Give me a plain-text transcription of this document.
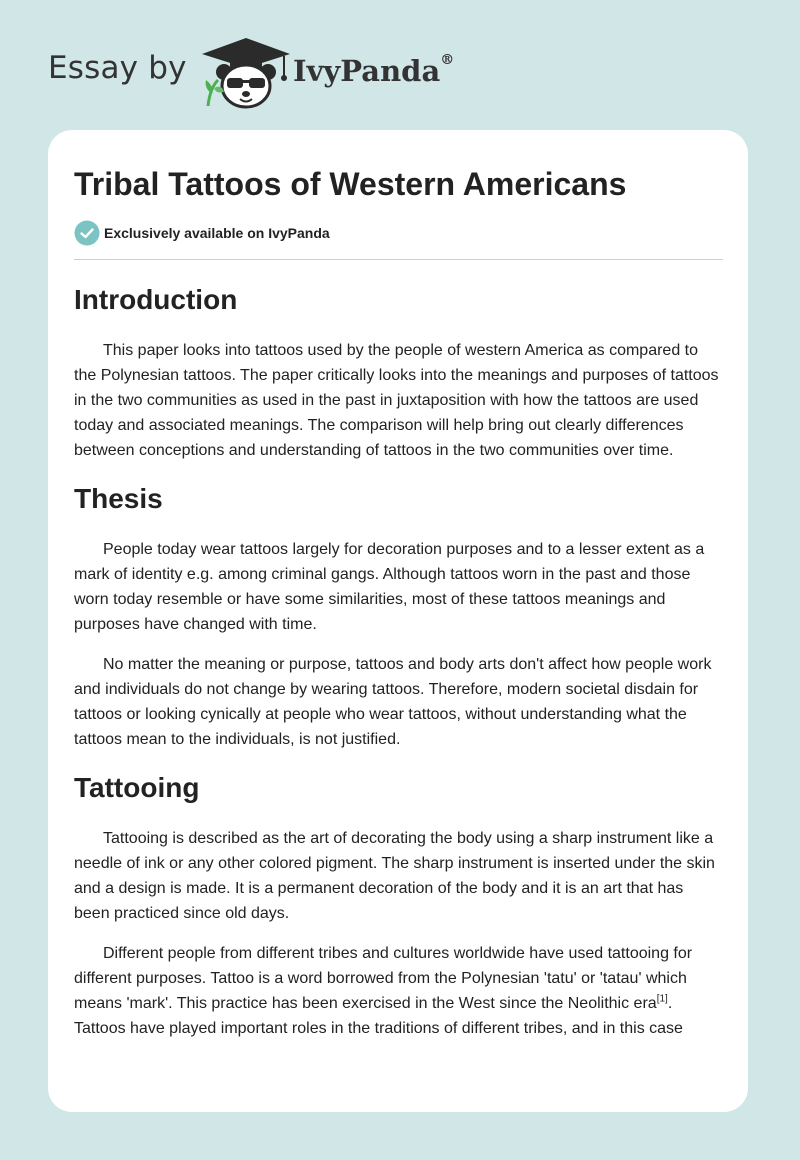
Essay by	IvyPanda®
Tribal Tattoos of Western Americans
Exclusively available on IvyPanda
Introduction

This paper looks into tattoos used by the people of western America as compared to the Polynesian tattoos. The paper critically looks into the meanings and purposes of tattoos in the two communities as used in the past in juxtaposition with how the tattoos are used today and associated meanings. The comparison will help bring out clearly differences between conceptions and understanding of tattoos in the two communities over time.

Thesis

People today wear tattoos largely for decoration purposes and to a lesser extent as a mark of identity e.g. among criminal gangs. Although tattoos worn in the past and those worn today resemble or have some similarities, most of these tattoos meanings and purposes have changed with time.

No matter the meaning or purpose, tattoos and body arts don't affect how people work and individuals do not change by wearing tattoos. Therefore, modern societal disdain for tattoos or looking cynically at people who wear tattoos, without understanding what the tattoos mean to the individuals, is not justified.

Tattooing

Tattooing is described as the art of decorating the body using a sharp instrument like a needle of ink or any other colored pigment. The sharp instrument is inserted under the skin and a design is made. It is a permanent decoration of the body and it is an art that has been practiced since old days.

Different people from different tribes and cultures worldwide have used tattooing for different purposes. Tattoo is a word borrowed from the Polynesian 'tatu' or 'tatau' which means 'mark'. This practice has been exercised in the West since the Neolithic era[1]. Tattoos have played important roles in the traditions of different tribes, and in this case
